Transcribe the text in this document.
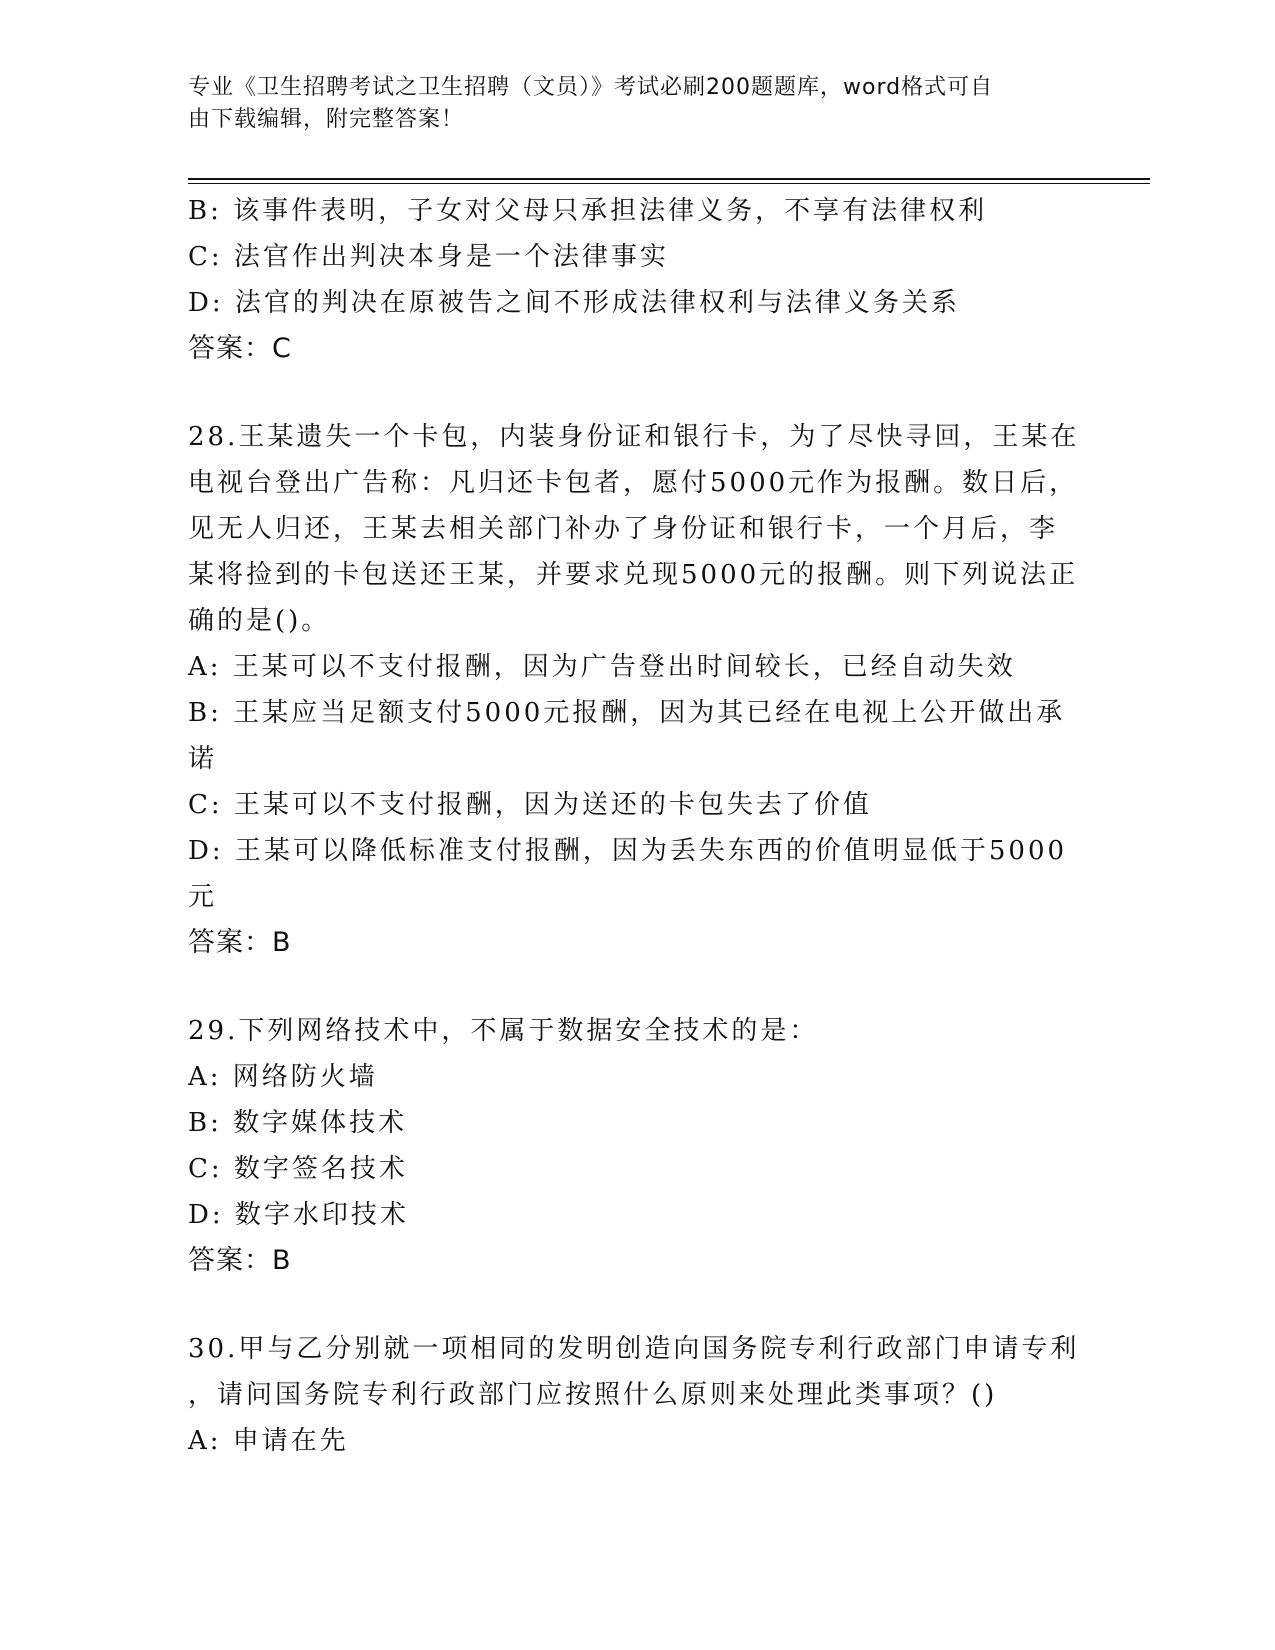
专业《卫生招聘考试之卫生招聘（文员）》考试必刷200题题库，word格式可自
由下载编辑，附完整答案！
B: 该事件表明，子女对父母只承担法律义务，不享有法律权利
C: 法官作出判决本身是一个法律事实
D: 法官的判决在原被告之间不形成法律权利与法律义务关系
答案：C
28.王某遗失一个卡包，内装身份证和银行卡，为了尽快寻回，王某在
电视台登出广告称：凡归还卡包者，愿付5000元作为报酬。数日后，
见无人归还，王某去相关部门补办了身份证和银行卡，一个月后，李
某将捡到的卡包送还王某，并要求兑现5000元的报酬。则下列说法正
确的是()。
A: 王某可以不支付报酬，因为广告登出时间较长，已经自动失效
B: 王某应当足额支付5000元报酬，因为其已经在电视上公开做出承
诺
C: 王某可以不支付报酬，因为送还的卡包失去了价值
D: 王某可以降低标准支付报酬，因为丢失东西的价值明显低于5000
元
答案：B
29.下列网络技术中，不属于数据安全技术的是：
A: 网络防火墙
B: 数字媒体技术
C: 数字签名技术
D: 数字水印技术
答案：B
30.甲与乙分别就一项相同的发明创造向国务院专利行政部门申请专利
，请问国务院专利行政部门应按照什么原则来处理此类事项？()
A: 申请在先
